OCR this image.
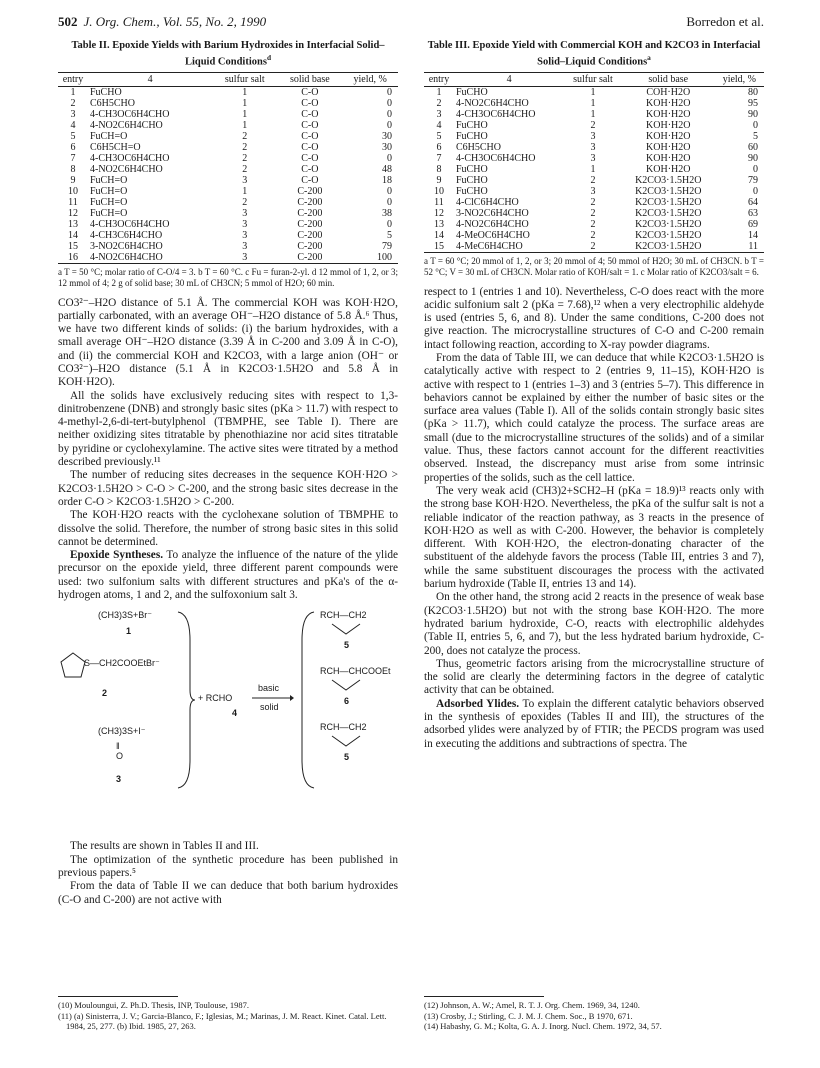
502 J. Org. Chem., Vol. 55, No. 2, 1990	Borredon et al.
Table II. Epoxide Yields with Barium Hydroxides in Interfacial Solid–Liquid Conditions$^d$
entry	4	sulfur salt	solid base	yield, %
1	FuCHO	1	C-O	0
2	C6H5CHO	1	C-O	0
3	4-CH3OC6H4CHO	1	C-O	0
4	4-NO2C6H4CHO	1	C-O	0
5	FuCH=O	2	C-O	30
6	C6H5CH=O	2	C-O	30
7	4-CH3OC6H4CHO	2	C-O	0
8	4-NO2C6H4CHO	2	C-O	48
9	FuCH=O	3	C-O	18
10	FuCH=O	1	C-200	0
11	FuCH=O	2	C-200	0
12	FuCH=O	3	C-200	38
13	4-CH3OC6H4CHO	3	C-200	0
14	4-CH3C6H4CHO	3	C-200	5
15	3-NO2C6H4CHO	3	C-200	79
16	4-NO2C6H4CHO	3	C-200	100
a T = 50 °C; molar ratio of C-O/4 = 3. b T = 60 °C. c Fu = furan-2-yl. d 12 mmol of 1, 2, or 3; 12 mmol of 4; 2 g of solid base; 30 mL of CH3CN; 5 mmol of H2O; 60 min.

CO3²⁻–H2O distance of 5.1 Å. The commercial KOH was KOH·H2O, partially carbonated, with an average OH⁻–H2O distance of 5.8 Å.⁶ Thus, we have two different kinds of solids: (i) the barium hydroxides, with a small average OH⁻–H2O distance (3.39 Å in C-200 and 3.09 Å in C-O), and (ii) the commercial KOH and K2CO3, with a large anion (OH⁻ or CO3²⁻)–H2O distance (5.1 Å in K2CO3·1.5H2O and 5.8 Å in KOH·H2O).

All the solids have exclusively reducing sites with respect to 1,3-dinitrobenzene (DNB) and strongly basic sites (pKa > 11.7) with respect to 4-methyl-2,6-di-tert-butylphenol (TBMPHE, see Table I). There are neither oxidizing sites titratable by phenothiazine nor acid sites titratable by pyridine or cyclohexylamine. The active sites were titrated by a method described previously.¹¹

The number of reducing sites decreases in the sequence KOH·H2O > K2CO3·1.5H2O > C-O > C-200, and the strong basic sites decrease in the order C-O > K2CO3·1.5H2O > C-200.

The KOH·H2O reacts with the cyclohexane solution of TBMPHE to dissolve the solid. Therefore, the number of strong basic sites in this solid cannot be determined.

Epoxide Syntheses. To analyze the influence of the nature of the ylide precursor on the epoxide yield, three different parent compounds were used: two sulfonium salts with different structures and pKa's of the α-hydrogen atoms, 1 and 2, and the sulfoxonium salt 3.

(CH3)3S+Br⁻
1
S—CH2COOEtBr⁻
2
(CH3)3S+I⁻
‖
O
3
+ RCHO
4
basic
solid
RCH—CH2
5
RCH—CHCOOEt
6
RCH—CH2
5

The results are shown in Tables II and III.

The optimization of the synthetic procedure has been published in previous papers.⁵

From the data of Table II we can deduce that both barium hydroxides (C-O and C-200) are not active with

Table III. Epoxide Yield with Commercial KOH and K2CO3 in Interfacial Solid–Liquid Conditions$^a$
entry	4	sulfur salt	solid base	yield, %
1	FuCHO	1	COH·H2O	80
2	4-NO2C6H4CHO	1	KOH·H2O	95
3	4-CH3OC6H4CHO	1	KOH·H2O	90
4	FuCHO	2	KOH·H2O	0
5	FuCHO	3	KOH·H2O	5
6	C6H5CHO	3	KOH·H2O	60
7	4-CH3OC6H4CHO	3	KOH·H2O	90
8	FuCHO	1	KOH·H2O	0
9	FuCHO	2	K2CO3·1.5H2O	79
10	FuCHO	3	K2CO3·1.5H2O	0
11	4-ClC6H4CHO	2	K2CO3·1.5H2O	64
12	3-NO2C6H4CHO	2	K2CO3·1.5H2O	63
13	4-NO2C6H4CHO	2	K2CO3·1.5H2O	69
14	4-MeOC6H4CHO	2	K2CO3·1.5H2O	14
15	4-MeC6H4CHO	2	K2CO3·1.5H2O	11
a T = 60 °C; 20 mmol of 1, 2, or 3; 20 mmol of 4; 50 mmol of H2O; 30 mL of CH3CN. b T = 52 °C; V = 30 mL of CH3CN. Molar ratio of KOH/salt = 1. c Molar ratio of K2CO3/salt = 6.

respect to 1 (entries 1 and 10). Nevertheless, C-O does react with the more acidic sulfonium salt 2 (pKa = 7.68),¹² when a very electrophilic aldehyde is used (entries 5, 6, and 8). Under the same conditions, C-200 does not give reaction. The microcrystalline structures of C-O and C-200 remain intact following reaction, according to X-ray powder diagrams.

From the data of Table III, we can deduce that while K2CO3·1.5H2O is catalytically active with respect to 2 (entries 9, 11–15), KOH·H2O is active with respect to 1 (entries 1–3) and 3 (entries 5–7). This difference in behaviors cannot be explained by either the number of basic sites or the surface area values (Table I). All of the solids contain strongly basic sites (pKa > 11.7), which could catalyze the process. The surface areas are small (due to the microcrystalline structures of the solids) and of a similar value. Thus, these factors cannot account for the different reactivities observed. Instead, the discrepancy must arise from some intrinsic properties of the solids, such as the cell lattice.

The very weak acid (CH3)2+SCH2–H (pKa = 18.9)¹³ reacts only with the strong base KOH·H2O. Nevertheless, the pKa of the sulfur salt is not a reliable indicator of the reaction pathway, as 3 reacts in the presence of KOH·H2O as well as with C-200. However, the behavior is completely different. With KOH·H2O, the electron-donating character of the substituent of the aldehyde favors the process (Table III, entries 3 and 7), while the same substituent discourages the process with the activated barium hydroxide (Table II, entries 13 and 14).

On the other hand, the strong acid 2 reacts in the presence of weak base (K2CO3·1.5H2O) but not with the strong base KOH·H2O. The more hydrated barium hydroxide, C-O, reacts with electrophilic aldehydes (Table II, entries 5, 6, and 7), but the less hydrated barium hydroxide, C-200, does not catalyze the process.

Thus, geometric factors arising from the microcrystalline structure of the solid are clearly the determining factors in the degree of catalytic activity that can be obtained.

Adsorbed Ylides. To explain the different catalytic behaviors observed in the synthesis of epoxides (Tables II and III), the structures of the adsorbed ylides were analyzed by of FTIR; the PECDS program was used in executing the additions and subtractions of spectra. The

(10) Mouloungui, Z. Ph.D. Thesis, INP, Toulouse, 1987.
(11) (a) Sinisterra, J. V.; Garcia-Blanco, F.; Iglesias, M.; Marinas, J. M. React. Kinet. Catal. Lett. 1984, 25, 277. (b) Ibid. 1985, 27, 263.
(12) Johnson, A. W.; Amel, R. T. J. Org. Chem. 1969, 34, 1240.
(13) Crosby, J.; Stirling, C. J. M. J. Chem. Soc., B 1970, 671.
(14) Habashy, G. M.; Kolta, G. A. J. Inorg. Nucl. Chem. 1972, 34, 57.
